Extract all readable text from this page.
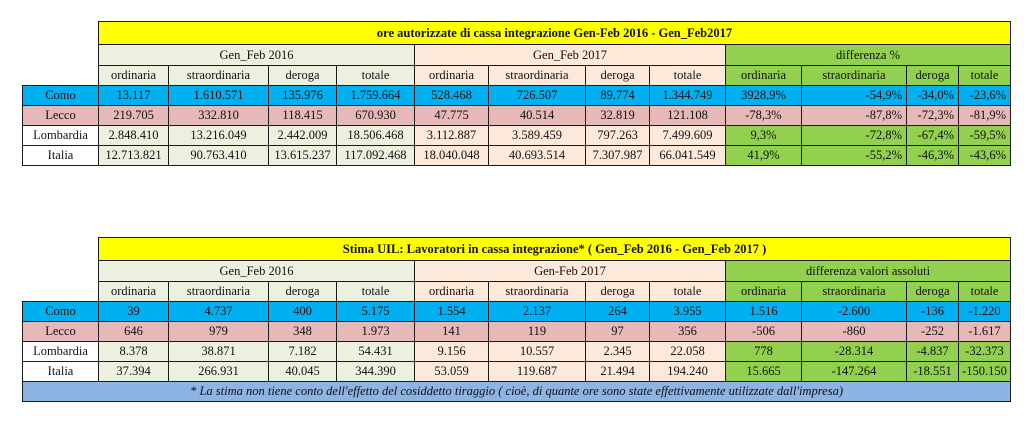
	ore autorizzate di cassa integrazione Gen-Feb 2016 - Gen_Feb2017											
	Gen_Feb 2016				Gen_Feb 2017				differenza %			
	ordinaria	straordinaria	deroga	totale	ordinaria	straordinaria	deroga	totale	ordinaria	straordinaria	deroga	totale
Como	13.117	1.610.571	135.976	1.759.664	528.468	726.507	89.774	1.344.749	3928,9%	-54,9%	-34,0%	-23,6%
Lecco	219.705	332.810	118.415	670.930	47.775	40.514	32.819	121.108	-78,3%	-87,8%	-72,3%	-81,9%
Lombardia	2.848.410	13.216.049	2.442.009	18.506.468	3.112.887	3.589.459	797.263	7.499.609	9,3%	-72,8%	-67,4%	-59,5%
Italia	12.713.821	90.763.410	13.615.237	117.092.468	18.040.048	40.693.514	7.307.987	66.041.549	41,9%	-55,2%	-46,3%	-43,6%
	Stima UIL: Lavoratori in cassa integrazione* ( Gen_Feb 2016 - Gen_Feb 2017 )											
	Gen_Feb 2016				Gen-Feb 2017				differenza valori assoluti			
	ordinaria	straordinaria	deroga	totale	ordinaria	straordinaria	deroga	totale	ordinaria	straordinaria	deroga	totale
Como	39	4.737	400	5.175	1.554	2.137	264	3.955	1.516	-2.600	-136	-1.220
Lecco	646	979	348	1.973	141	119	97	356	-506	-860	-252	-1.617
Lombardia	8.378	38.871	7.182	54.431	9.156	10.557	2.345	22.058	778	-28.314	-4.837	-32.373
Italia	37.394	266.931	40.045	344.390	53.059	119.687	21.494	194.240	15.665	-147.264	-18.551	-150.150
* La stima non tiene conto dell'effetto del cosiddetto tiraggio ( cioè, di quante ore sono state effettivamente utilizzate dall'impresa)												
